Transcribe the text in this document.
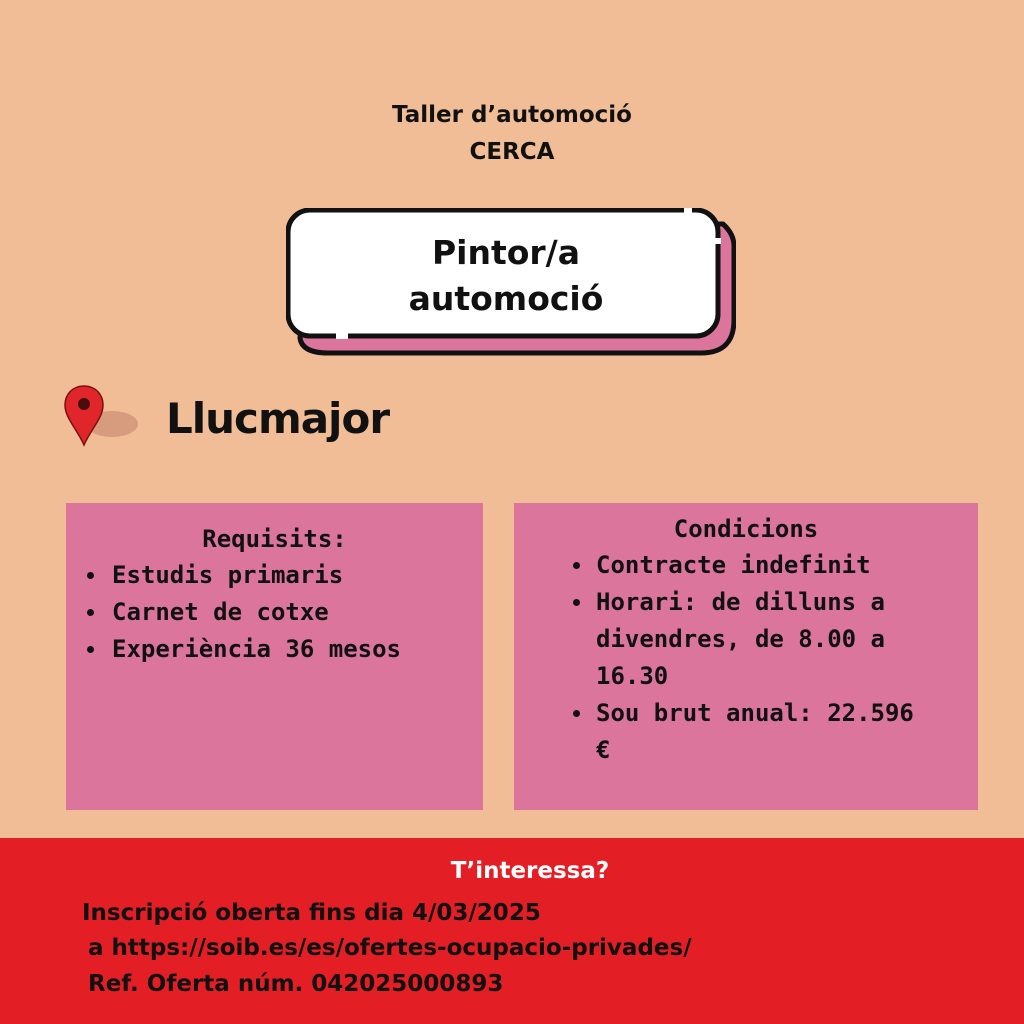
Taller d’automoció
CERCA
Pintor/a
automoció
Llucmajor

Requisits:

Estudis primaris
Carnet de cotxe
Experiència 36 mesos

Condicions

Contracte indefinit
Horari: de dilluns a divendres, de 8.00 a 16.30
Sou brut anual: 22.596 €
T’interessa?
Inscripció oberta fins dia 4/03/2025
a https://soib.es/es/ofertes-ocupacio-privades/
Ref. Oferta núm. 042025000893
